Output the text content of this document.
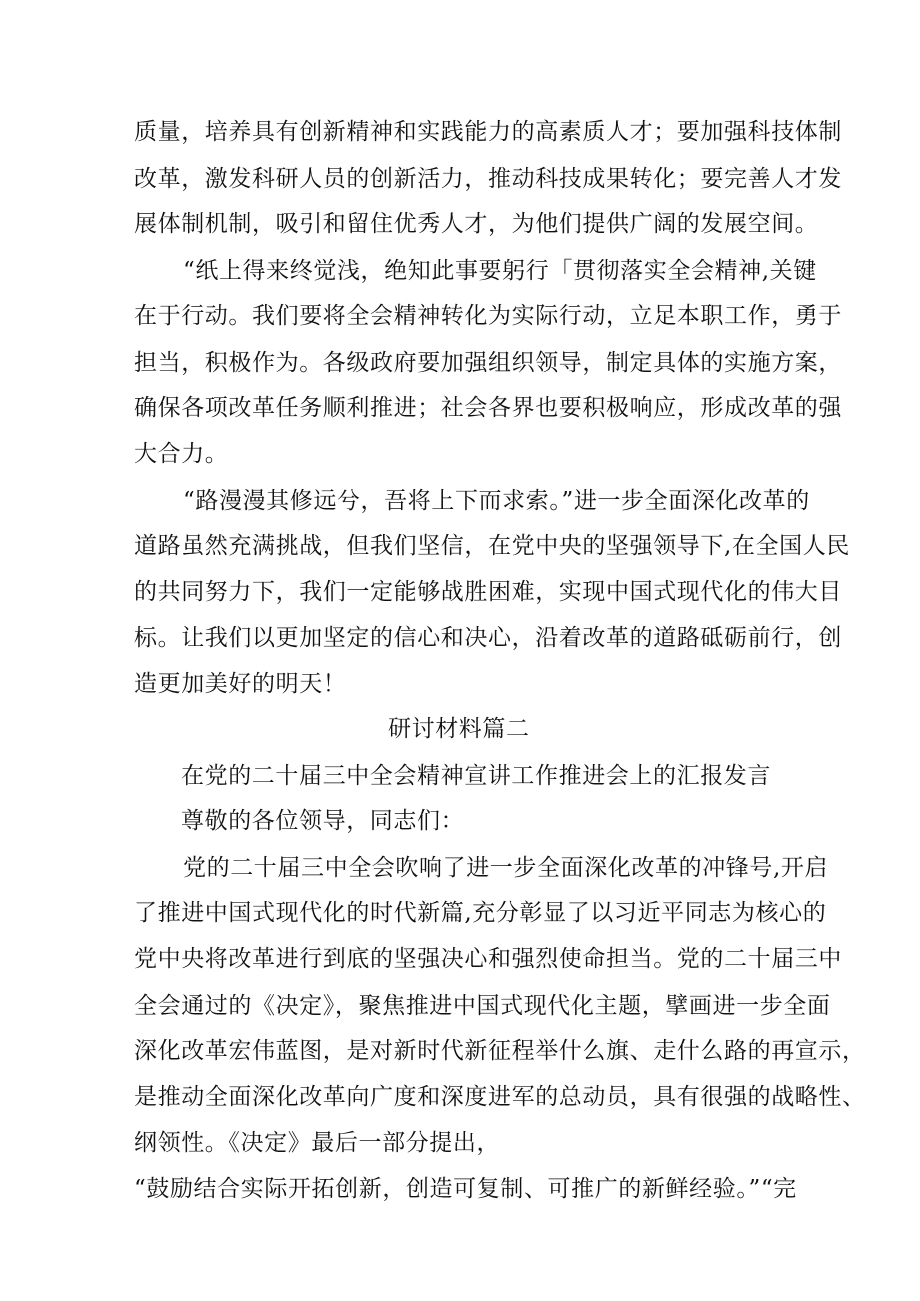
质量，培养具有创新精神和实践能力的高素质人才；要加强科技体制
改革，激发科研人员的创新活力，推动科技成果转化；要完善人才发
展体制机制，吸引和留住优秀人才，为他们提供广阔的发展空间。
“纸上得来终觉浅，绝知此事要躬行「贯彻落实全会精神,关键
在于行动。我们要将全会精神转化为实际行动，立足本职工作，勇于
担当，积极作为。各级政府要加强组织领导，制定具体的实施方案，
确保各项改革任务顺利推进；社会各界也要积极响应，形成改革的强
大合力。
“路漫漫其修远兮，吾将上下而求索。”进一步全面深化改革的
道路虽然充满挑战，但我们坚信，在党中央的坚强领导下,在全国人民
的共同努力下，我们一定能够战胜困难，实现中国式现代化的伟大目
标。让我们以更加坚定的信心和决心，沿着改革的道路砥砺前行，创
造更加美好的明天！
研讨材料篇二
在党的二十届三中全会精神宣讲工作推进会上的汇报发言
尊敬的各位领导，同志们：
党的二十届三中全会吹响了进一步全面深化改革的冲锋号,开启
了推进中国式现代化的时代新篇,充分彰显了以习近平同志为核心的
党中央将改革进行到底的坚强决心和强烈使命担当。党的二十届三中
全会通过的《决定》，聚焦推进中国式现代化主题，擘画进一步全面
深化改革宏伟蓝图，是对新时代新征程举什么旗、走什么路的再宣示，
是推动全面深化改革向广度和深度进军的总动员，具有很强的战略性、
纲领性。《决定》最后一部分提出，
“鼓励结合实际开拓创新，创造可复制、可推广的新鲜经验。”“完
